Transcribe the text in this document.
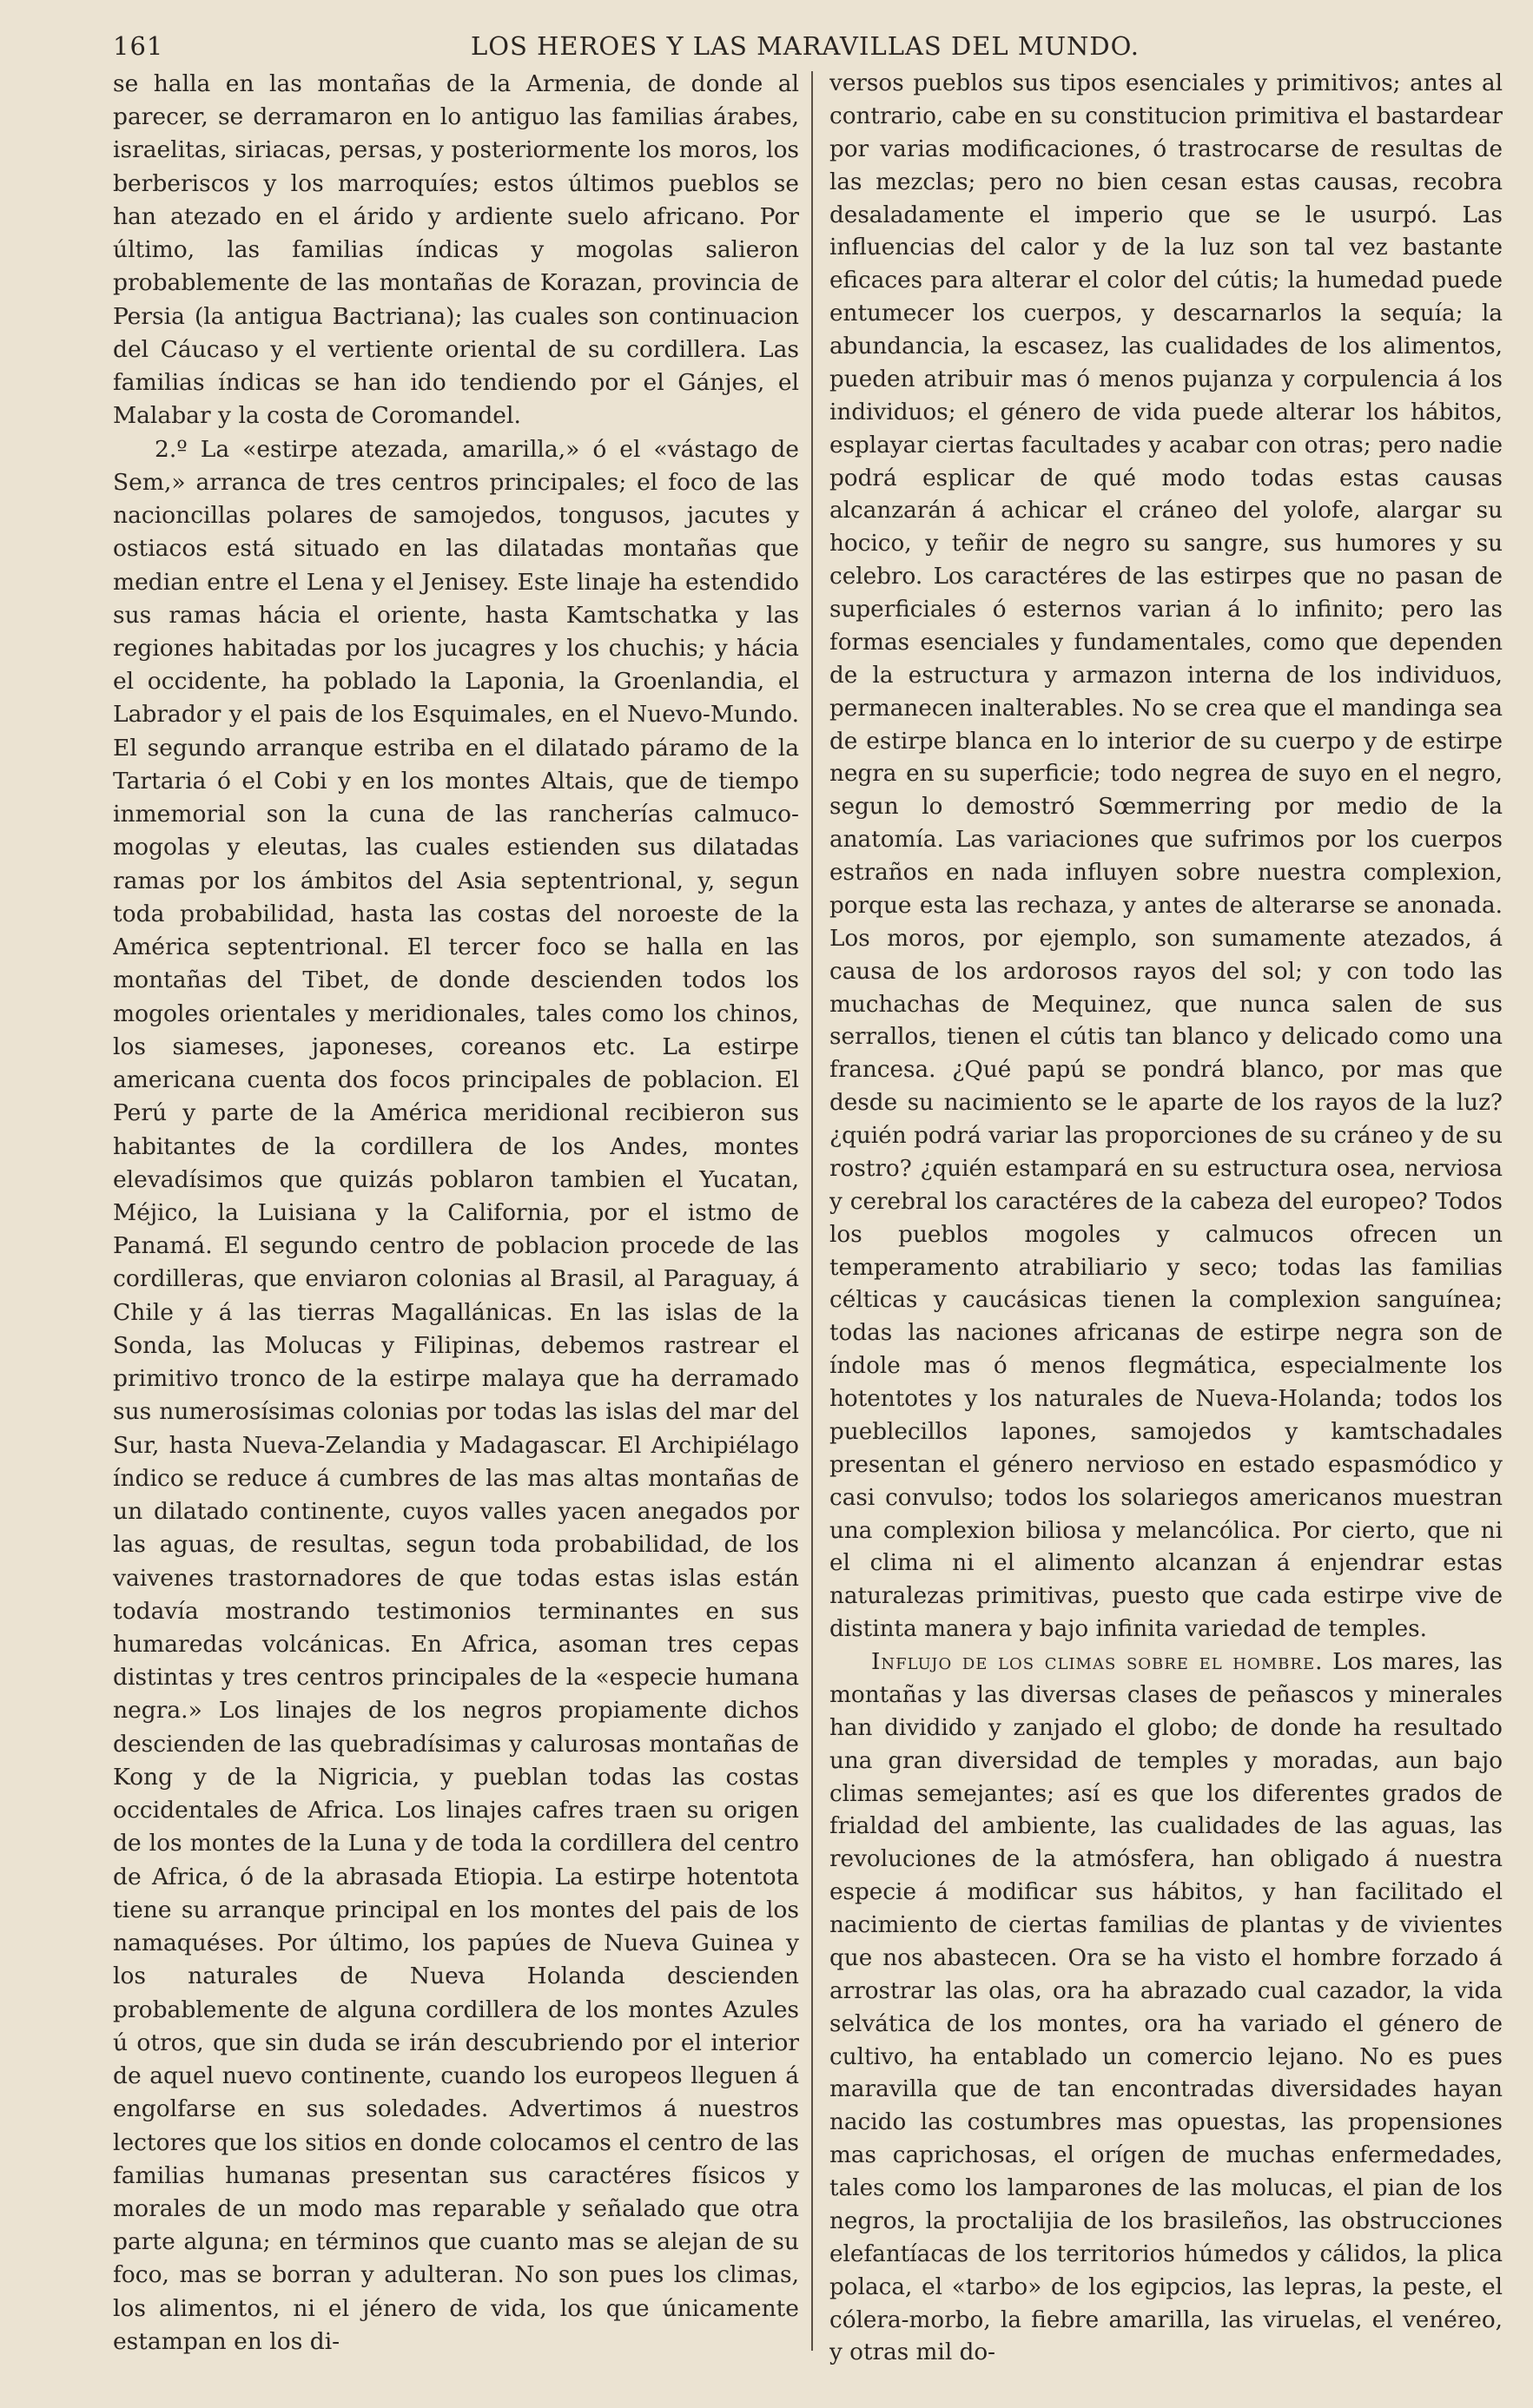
161	LOS HEROES Y LAS MARAVILLAS DEL MUNDO.

se halla en las montañas de la Armenia, de donde al parecer, se derramaron en lo antiguo las familias árabes, israelitas, siriacas, persas, y posteriormente los moros, los berberiscos y los marroquíes; estos últimos pueblos se han atezado en el árido y ardiente suelo africano. Por último, las familias índicas y mogolas salieron probablemente de las montañas de Korazan, provincia de Persia (la antigua Bactriana); las cuales son continuacion del Cáucaso y el vertiente oriental de su cordillera. Las familias índicas se han ido tendiendo por el Gánjes, el Malabar y la costa de Coromandel.

2.º La «estirpe atezada, amarilla,» ó el «vástago de Sem,» arranca de tres centros principales; el foco de las nacioncillas polares de samojedos, tongusos, jacutes y ostiacos está situado en las dilatadas montañas que median entre el Lena y el Jenisey. Este linaje ha estendido sus ramas hácia el oriente, hasta Kamtschatka y las regiones habitadas por los jucagres y los chuchis; y hácia el occidente, ha poblado la Laponia, la Groenlandia, el Labrador y el pais de los Esquimales, en el Nuevo-Mundo. El segundo arranque estriba en el dilatado páramo de la Tartaria ó el Cobi y en los montes Altais, que de tiempo inmemorial son la cuna de las rancherías calmuco-mogolas y eleutas, las cuales estienden sus dilatadas ramas por los ámbitos del Asia septentrional, y, segun toda probabilidad, hasta las costas del noroeste de la América septentrional. El tercer foco se halla en las montañas del Tibet, de donde descienden todos los mogoles orientales y meridionales, tales como los chinos, los siameses, japoneses, coreanos etc. La estirpe americana cuenta dos focos principales de poblacion. El Perú y parte de la América meridional recibieron sus habitantes de la cordillera de los Andes, montes elevadísimos que quizás poblaron tambien el Yucatan, Méjico, la Luisiana y la California, por el istmo de Panamá. El segundo centro de poblacion procede de las cordilleras, que enviaron colonias al Brasil, al Paraguay, á Chile y á las tierras Magallánicas. En las islas de la Sonda, las Molucas y Filipinas, debemos rastrear el primitivo tronco de la estirpe malaya que ha derramado sus numerosísimas colonias por todas las islas del mar del Sur, hasta Nueva-Zelandia y Madagascar. El Archipiélago índico se reduce á cumbres de las mas altas montañas de un dilatado continente, cuyos valles yacen anegados por las aguas, de resultas, segun toda probabilidad, de los vaivenes trastornadores de que todas estas islas están todavía mostrando testimonios terminantes en sus humaredas volcánicas. En Africa, asoman tres cepas distintas y tres centros principales de la «especie humana negra.» Los linajes de los negros propiamente dichos descienden de las quebradísimas y calurosas montañas de Kong y de la Nigricia, y pueblan todas las costas occidentales de Africa. Los linajes cafres traen su origen de los montes de la Luna y de toda la cordillera del centro de Africa, ó de la abrasada Etiopia. La estirpe hotentota tiene su arranque principal en los montes del pais de los namaquéses. Por último, los papúes de Nueva Guinea y los naturales de Nueva Holanda descienden probablemente de alguna cordillera de los montes Azules ú otros, que sin duda se irán descubriendo por el interior de aquel nuevo continente, cuando los europeos lleguen á engolfarse en sus soledades. Advertimos á nuestros lectores que los sitios en donde colocamos el centro de las familias humanas presentan sus caractéres físicos y morales de un modo mas reparable y señalado que otra parte alguna; en términos que cuanto mas se alejan de su foco, mas se borran y adulteran. No son pues los climas, los alimentos, ni el jénero de vida, los que únicamente estampan en los di-

versos pueblos sus tipos esenciales y primitivos; antes al contrario, cabe en su constitucion primitiva el bastardear por varias modificaciones, ó trastrocarse de resultas de las mezclas; pero no bien cesan estas causas, recobra desaladamente el imperio que se le usurpó. Las influencias del calor y de la luz son tal vez bastante eficaces para alterar el color del cútis; la humedad puede entumecer los cuerpos, y descarnarlos la sequía; la abundancia, la escasez, las cualidades de los alimentos, pueden atribuir mas ó menos pujanza y corpulencia á los individuos; el género de vida puede alterar los hábitos, esplayar ciertas facultades y acabar con otras; pero nadie podrá esplicar de qué modo todas estas causas alcanzarán á achicar el cráneo del yolofe, alargar su hocico, y teñir de negro su sangre, sus humores y su celebro. Los caractéres de las estirpes que no pasan de superficiales ó esternos varian á lo infinito; pero las formas esenciales y fundamentales, como que dependen de la estructura y armazon interna de los individuos, permanecen inalterables. No se crea que el mandinga sea de estirpe blanca en lo interior de su cuerpo y de estirpe negra en su superficie; todo negrea de suyo en el negro, segun lo demostró Sœmmerring por medio de la anatomía. Las variaciones que sufrimos por los cuerpos estraños en nada influyen sobre nuestra complexion, porque esta las rechaza, y antes de alterarse se anonada. Los moros, por ejemplo, son sumamente atezados, á causa de los ardorosos rayos del sol; y con todo las muchachas de Mequinez, que nunca salen de sus serrallos, tienen el cútis tan blanco y delicado como una francesa. ¿Qué papú se pondrá blanco, por mas que desde su nacimiento se le aparte de los rayos de la luz? ¿quién podrá variar las proporciones de su cráneo y de su rostro? ¿quién estampará en su estructura osea, nerviosa y cerebral los caractéres de la cabeza del europeo? Todos los pueblos mogoles y calmucos ofrecen un temperamento atrabiliario y seco; todas las familias célticas y caucásicas tienen la complexion sanguínea; todas las naciones africanas de estirpe negra son de índole mas ó menos flegmática, especialmente los hotentotes y los naturales de Nueva-Holanda; todos los pueblecillos lapones, samojedos y kamtschadales presentan el género nervioso en estado espasmódico y casi convulso; todos los solariegos americanos muestran una complexion biliosa y melancólica. Por cierto, que ni el clima ni el alimento alcanzan á enjendrar estas naturalezas primitivas, puesto que cada estirpe vive de distinta manera y bajo infinita variedad de temples.

Influjo de los climas sobre el hombre. Los mares, las montañas y las diversas clases de peñascos y minerales han dividido y zanjado el globo; de donde ha resultado una gran diversidad de temples y moradas, aun bajo climas semejantes; así es que los diferentes grados de frialdad del ambiente, las cualidades de las aguas, las revoluciones de la atmósfera, han obligado á nuestra especie á modificar sus hábitos, y han facilitado el nacimiento de ciertas familias de plantas y de vivientes que nos abastecen. Ora se ha visto el hombre forzado á arrostrar las olas, ora ha abrazado cual cazador, la vida selvática de los montes, ora ha variado el género de cultivo, ha entablado un comercio lejano. No es pues maravilla que de tan encontradas diversidades hayan nacido las costumbres mas opuestas, las propensiones mas caprichosas, el orígen de muchas enfermedades, tales como los lamparones de las molucas, el pian de los negros, la proctalijia de los brasileños, las obstrucciones elefantíacas de los territorios húmedos y cálidos, la plica polaca, el «tarbo» de los egipcios, las lepras, la peste, el cólera-morbo, la fiebre amarilla, las viruelas, el venéreo, y otras mil do-
